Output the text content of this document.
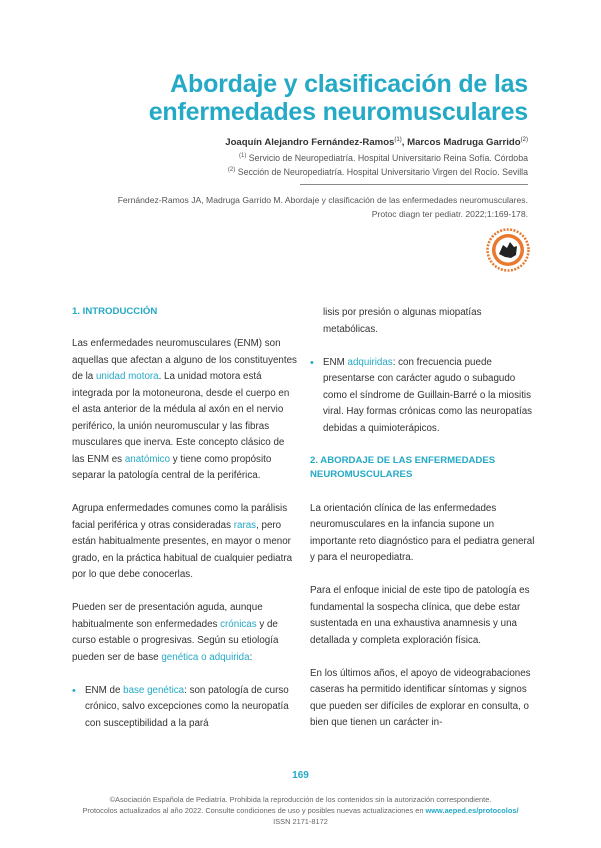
Abordaje y clasificación de las enfermedades neuromusculares
Joaquín Alejandro Fernández-Ramos$^{(1)}$, Marcos Madruga Garrido$^{(2)}$
$^{(1)}$ Servicio de Neuropediatría. Hospital Universitario Reina Sofía. Córdoba
$^{(2)}$ Sección de Neuropediatría. Hospital Universitario Virgen del Rocío. Sevilla
Fernández-Ramos JA, Madruga Garrido M. Abordaje y clasificación de las enfermedades neuromusculares.
Protoc diagn ter pediatr. 2022;1:169-178.

1. INTRODUCCIÓN

Las enfermedades neuromusculares (ENM) son aquellas que afectan a alguno de los constituyentes de la unidad motora. La unidad motora está integrada por la motoneurona, desde el cuerpo en el asta anterior de la médula al axón en el nervio periférico, la unión neuromuscular y las fibras musculares que inerva. Este concepto clásico de las ENM es anatómico y tiene como propósito separar la patología central de la periférica.

Agrupa enfermedades comunes como la parálisis facial periférica y otras consideradas raras, pero están habitualmente presentes, en mayor o menor grado, en la práctica habitual de cualquier pediatra por lo que debe conocerlas.

Pueden ser de presentación aguda, aunque habitualmente son enfermedades crónicas y de curso estable o progresivas. Según su etiología pueden ser de base genética o adquirida:

• ENM de base genética: son patología de curso crónico, salvo excepciones como la neuropatía con susceptibilidad a la pará

lisis por presión o algunas miopatías metabólicas.

• ENM adquiridas: con frecuencia puede presentarse con carácter agudo o subagudo como el síndrome de Guillain-Barré o la miositis viral. Hay formas crónicas como las neuropatías debidas a quimioterápicos.

2. ABORDAJE DE LAS ENFERMEDADES NEUROMUSCULARES

La orientación clínica de las enfermedades neuromusculares en la infancia supone un importante reto diagnóstico para el pediatra general y para el neuropediatra.

Para el enfoque inicial de este tipo de patología es fundamental la sospecha clínica, que debe estar sustentada en una exhaustiva anamnesis y una detallada y completa exploración física.

En los últimos años, el apoyo de videograbaciones caseras ha permitido identificar síntomas y signos que pueden ser difíciles de explorar en consulta, o bien que tienen un carácter in-

169
©Asociación Española de Pediatría. Prohibida la reproducción de los contenidos sin la autorización correspondiente.
Protocolos actualizados al año 2022. Consulte condiciones de uso y posibles nuevas actualizaciones en www.aeped.es/protocolos/
ISSN 2171-8172
